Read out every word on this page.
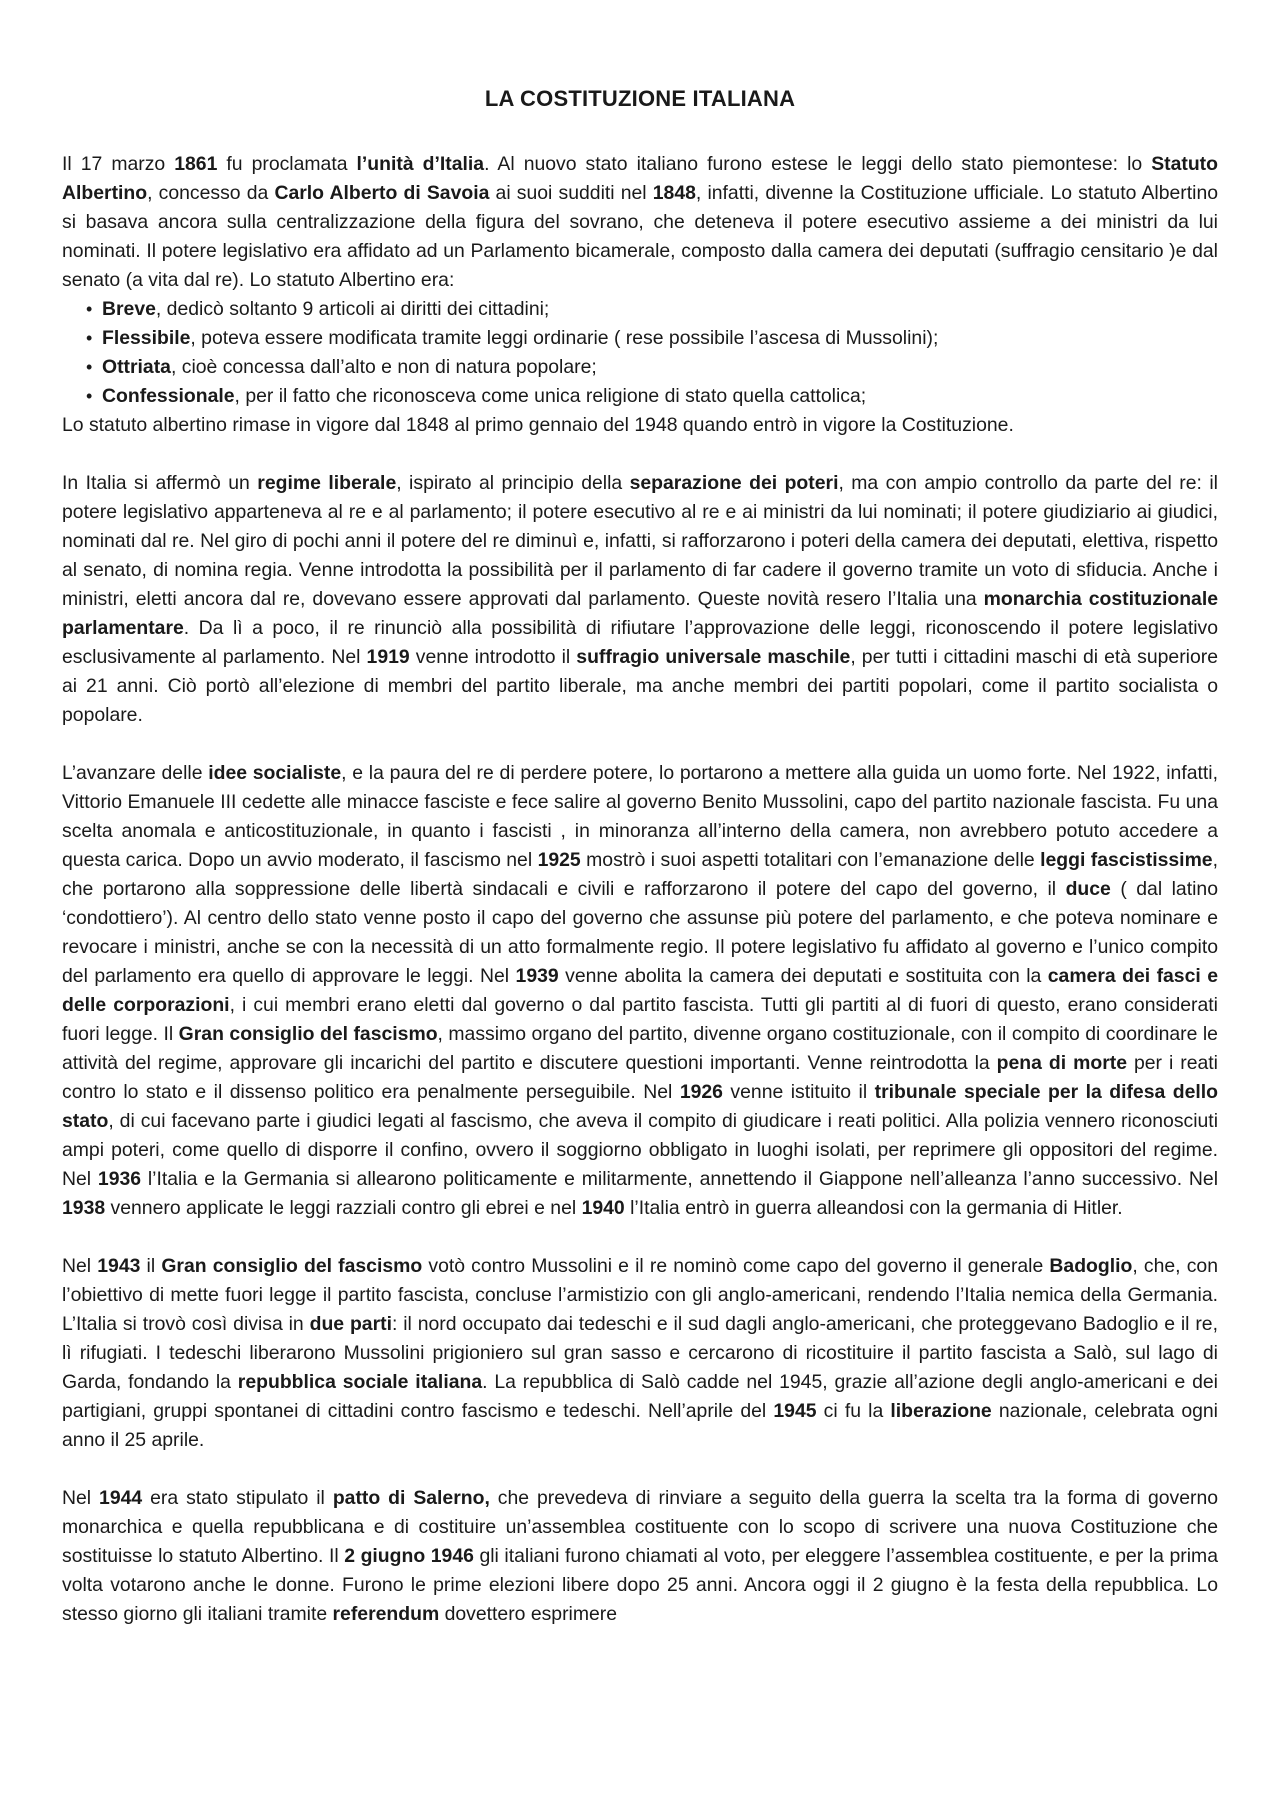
LA COSTITUZIONE ITALIANA

Il 17 marzo 1861 fu proclamata l’unità d’Italia. Al nuovo stato italiano furono estese le leggi dello stato piemontese: lo Statuto Albertino, concesso da Carlo Alberto di Savoia ai suoi sudditi nel 1848, infatti, divenne la Costituzione ufficiale. Lo statuto Albertino si basava ancora sulla centralizzazione della figura del sovrano, che deteneva il potere esecutivo assieme a dei ministri da lui nominati. Il potere legislativo era affidato ad un Parlamento bicamerale, composto dalla camera dei deputati (suffragio censitario )e dal senato (a vita dal re). Lo statuto Albertino era:

• Breve, dedicò soltanto 9 articoli ai diritti dei cittadini;
• Flessibile, poteva essere modificata tramite leggi ordinarie ( rese possibile l’ascesa di Mussolini);
• Ottriata, cioè concessa dall’alto e non di natura popolare;
• Confessionale, per il fatto che riconosceva come unica religione di stato quella cattolica;

Lo statuto albertino rimase in vigore dal 1848 al primo gennaio del 1948 quando entrò in vigore la Costituzione.

In Italia si affermò un regime liberale, ispirato al principio della separazione dei poteri, ma con ampio controllo da parte del re: il potere legislativo apparteneva al re e al parlamento; il potere esecutivo al re e ai ministri da lui nominati; il potere giudiziario ai giudici, nominati dal re. Nel giro di pochi anni il potere del re diminuì e, infatti, si rafforzarono i poteri della camera dei deputati, elettiva, rispetto al senato, di nomina regia. Venne introdotta la possibilità per il parlamento di far cadere il governo tramite un voto di sfiducia. Anche i ministri, eletti ancora dal re, dovevano essere approvati dal parlamento. Queste novità resero l’Italia una monarchia costituzionale parlamentare. Da lì a poco, il re rinunciò alla possibilità di rifiutare l’approvazione delle leggi, riconoscendo il potere legislativo esclusivamente al parlamento. Nel 1919 venne introdotto il suffragio universale maschile, per tutti i cittadini maschi di età superiore ai 21 anni. Ciò portò all’elezione di membri del partito liberale, ma anche membri dei partiti popolari, come il partito socialista o popolare.

L’avanzare delle idee socialiste, e la paura del re di perdere potere, lo portarono a mettere alla guida un uomo forte. Nel 1922, infatti, Vittorio Emanuele III cedette alle minacce fasciste e fece salire al governo Benito Mussolini, capo del partito nazionale fascista. Fu una scelta anomala e anticostituzionale, in quanto i fascisti , in minoranza all’interno della camera, non avrebbero potuto accedere a questa carica. Dopo un avvio moderato, il fascismo nel 1925 mostrò i suoi aspetti totalitari con l’emanazione delle leggi fascistissime, che portarono alla soppressione delle libertà sindacali e civili e rafforzarono il potere del capo del governo, il duce ( dal latino ‘condottiero’). Al centro dello stato venne posto il capo del governo che assunse più potere del parlamento, e che poteva nominare e revocare i ministri, anche se con la necessità di un atto formalmente regio. Il potere legislativo fu affidato al governo e l’unico compito del parlamento era quello di approvare le leggi. Nel 1939 venne abolita la camera dei deputati e sostituita con la camera dei fasci e delle corporazioni, i cui membri erano eletti dal governo o dal partito fascista. Tutti gli partiti al di fuori di questo, erano considerati fuori legge. Il Gran consiglio del fascismo, massimo organo del partito, divenne organo costituzionale, con il compito di coordinare le attività del regime, approvare gli incarichi del partito e discutere questioni importanti. Venne reintrodotta la pena di morte per i reati contro lo stato e il dissenso politico era penalmente perseguibile. Nel 1926 venne istituito il tribunale speciale per la difesa dello stato, di cui facevano parte i giudici legati al fascismo, che aveva il compito di giudicare i reati politici. Alla polizia vennero riconosciuti ampi poteri, come quello di disporre il confino, ovvero il soggiorno obbligato in luoghi isolati, per reprimere gli oppositori del regime. Nel 1936 l’Italia e la Germania si allearono politicamente e militarmente, annettendo il Giappone nell’alleanza l’anno successivo. Nel 1938 vennero applicate le leggi razziali contro gli ebrei e nel 1940 l’Italia entrò in guerra alleandosi con la germania di Hitler.

Nel 1943 il Gran consiglio del fascismo votò contro Mussolini e il re nominò come capo del governo il generale Badoglio, che, con l’obiettivo di mette fuori legge il partito fascista, concluse l’armistizio con gli anglo-americani, rendendo l’Italia nemica della Germania. L’Italia si trovò così divisa in due parti: il nord occupato dai tedeschi e il sud dagli anglo-americani, che proteggevano Badoglio e il re, lì rifugiati. I tedeschi liberarono Mussolini prigioniero sul gran sasso e cercarono di ricostituire il partito fascista a Salò, sul lago di Garda, fondando la repubblica sociale italiana. La repubblica di Salò cadde nel 1945, grazie all’azione degli anglo-americani e dei partigiani, gruppi spontanei di cittadini contro fascismo e tedeschi. Nell’aprile del 1945 ci fu la liberazione nazionale, celebrata ogni anno il 25 aprile.

Nel 1944 era stato stipulato il patto di Salerno, che prevedeva di rinviare a seguito della guerra la scelta tra la forma di governo monarchica e quella repubblicana e di costituire un’assemblea costituente con lo scopo di scrivere una nuova Costituzione che sostituisse lo statuto Albertino. Il 2 giugno 1946 gli italiani furono chiamati al voto, per eleggere l’assemblea costituente, e per la prima volta votarono anche le donne. Furono le prime elezioni libere dopo 25 anni. Ancora oggi il 2 giugno è la festa della repubblica. Lo stesso giorno gli italiani tramite referendum dovettero esprimere
